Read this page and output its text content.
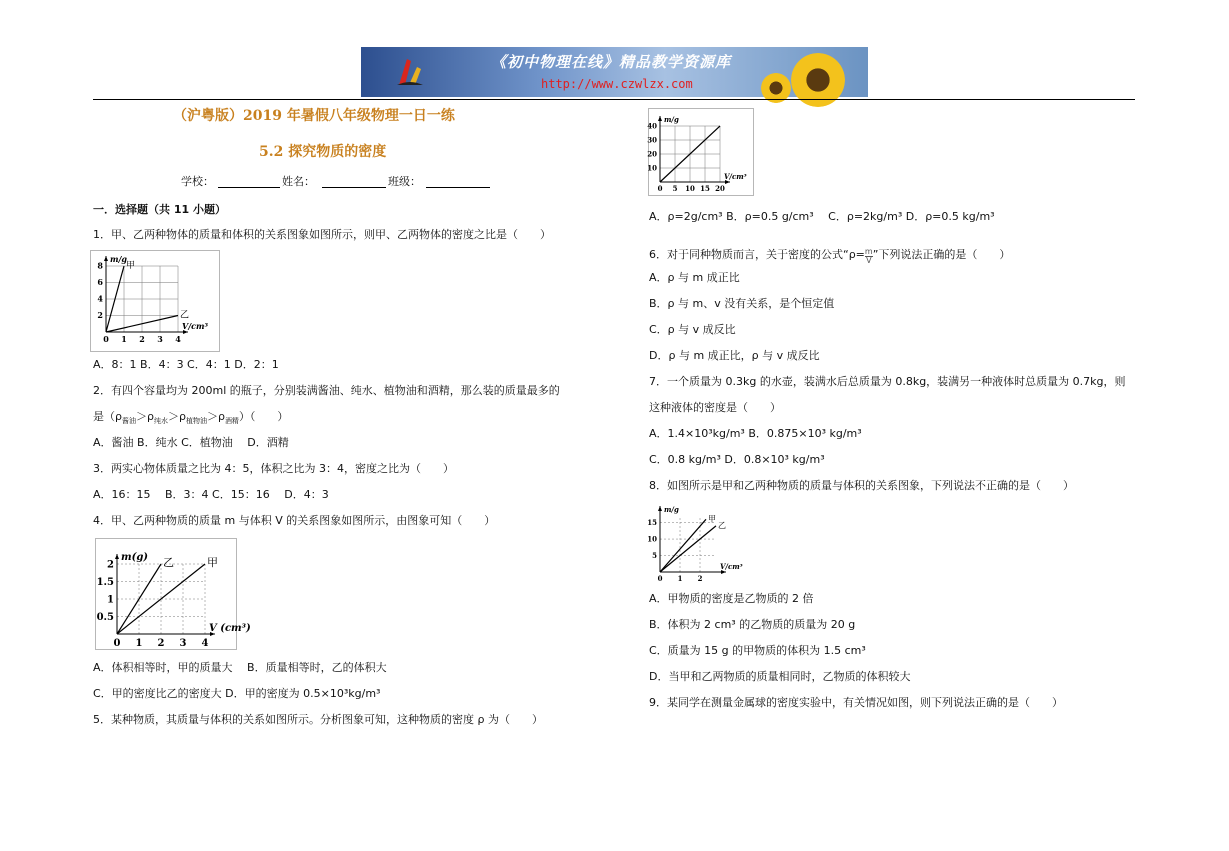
《初中物理在线》精品教学资源库
http://www.czwlzx.com
（沪粤版）2019 年暑假八年级物理一日一练
5.2 探究物质的密度
学校：	姓名：	班级：
一．选择题（共 11 小题）
1．甲、乙两种物体的质量和体积的关系图象如图所示，则甲、乙两物体的密度之比是（　　）
0 1 2 3 4
2
4
6
8
V/cm³
m/g
甲
乙
A．8：1 B．4：3 C．4：1 D．2：1
2．有四个容量均为 200ml 的瓶子，分别装满酱油、纯水、植物油和酒精，那么装的质量最多的
是$(\rho_{酱油}>\rho_{纯水}>\rho_{植物油}>\rho_{酒精})$（　　）
A．酱油 B．纯水 C．植物油　 D．酒精
3．两实心物体质量之比为 4：5，体积之比为 3：4，密度之比为（　　）
A．16：15　 B．3：4 C．15：16　 D．4：3
4．甲、乙两种物质的质量 m 与体积 V 的关系图象如图所示，由图象可知（　　）
0 1 2 3 4
0.5
1
1.5
2
V (cm³)
m(g) 乙	甲
A．体积相等时，甲的质量大　 B．质量相等时，乙的体积大
C．甲的密度比乙的密度大 D．甲的密度为 0.5×10³kg/m³
5．某种物质，其质量与体积的关系如图所示。分析图象可知，这种物质的密度 ρ 为（　　）
0 5 10 15 20
10
20
30
40
V/cm³
m/g
A．ρ=2g/cm³ B．ρ=0.5 g/cm³　 C．ρ=2kg/m³ D．ρ=0.5 kg/m³
6．对于同种物质而言，关于密度的公式“$\rho= \frac{m}{V}$ ”下列说法正确的是（　　）
A．ρ 与 m 成正比
B．ρ 与 m、v 没有关系，是个恒定值
C．ρ 与 v 成反比
D．ρ 与 m 成正比，ρ 与 v 成反比
7．一个质量为 0.3kg 的水壶，装满水后总质量为 0.8kg，装满另一种液体时总质量为 0.7kg，则
这种液体的密度是（　　）
A．1.4×10³kg/m³ B．0.875×10³ kg/m³
C．0.8 kg/m³ D．0.8×10³ kg/m³
8．如图所示是甲和乙两种物质的质量与体积的关系图象，下列说法不正确的是（　　）
0 1 2
5
10
15
V/cm³
m/g
甲
乙
A．甲物质的密度是乙物质的 2 倍
B．体积为 2 cm³ 的乙物质的质量为 20 g
C．质量为 15 g 的甲物质的体积为 1.5 cm³
D．当甲和乙两物质的质量相同时，乙物质的体积较大
9．某同学在测量金属球的密度实验中，有关情况如图，则下列说法正确的是（　　）
